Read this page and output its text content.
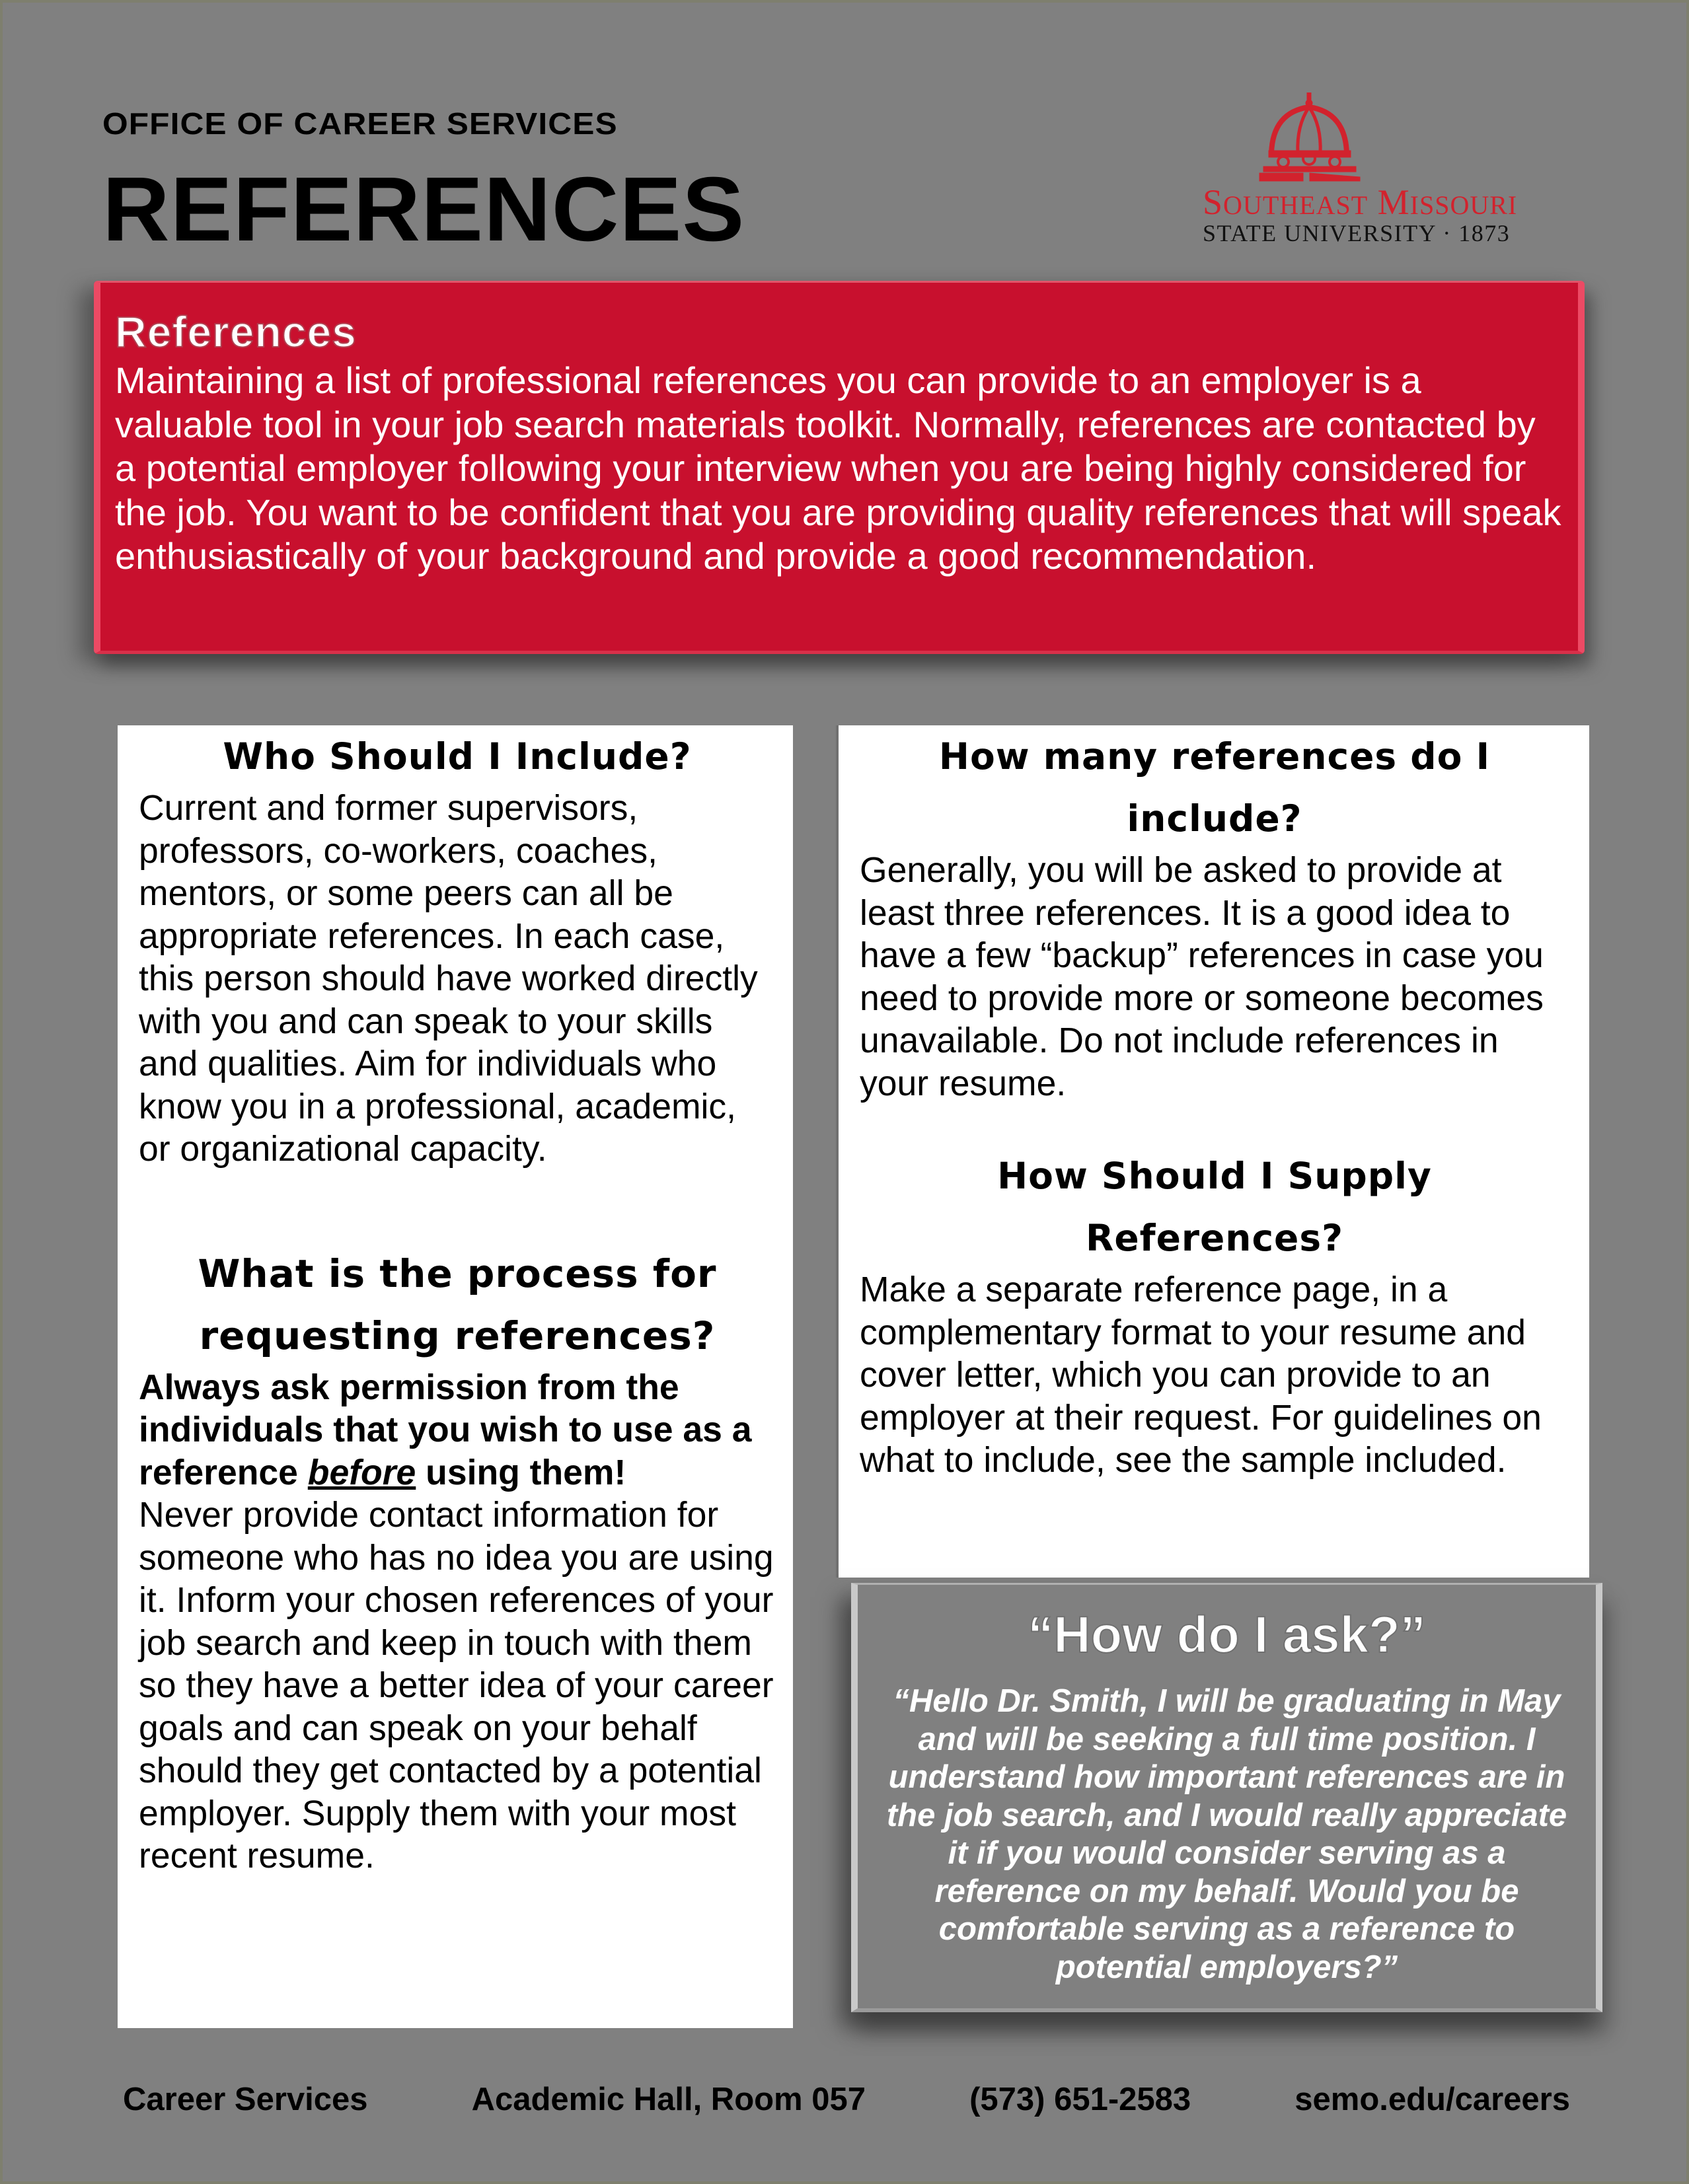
OFFICE OF CAREER SERVICES
REFERENCES	SOUTHEAST MISSOURI
STATE UNIVERSITY · 1873
References

Maintaining a list of professional references you can provide to an employer is a valuable tool in your job search materials toolkit. Normally, references are contacted by a potential employer following your interview when you are being highly considered for the job. You want to be confident that you are providing quality references that will speak enthusiastically of your background and provide a good recommendation.

Who Should I Include?

Current and former supervisors, professors, co-workers, coaches, mentors, or some peers can all be appropriate references. In each case, this person should have worked directly with you and can speak to your skills and qualities. Aim for individuals who know you in a professional, academic, or organizational capacity.

What is the process for requesting references?

Always ask permission from the individuals that you wish to use as a reference before using them!
Never provide contact information for someone who has no idea you are using it. Inform your chosen references of your job search and keep in touch with them so they have a better idea of your career goals and can speak on your behalf should they get contacted by a potential employer. Supply them with your most recent resume.

How many references do I include?

Generally, you will be asked to provide at least three references. It is a good idea to have a few “backup” references in case you need to provide more or someone becomes unavailable. Do not include references in your resume.

How Should I Supply References?

Make a separate reference page, in a complementary format to your resume and cover letter, which you can provide to an employer at their request. For guidelines on what to include, see the sample included.

“How do I ask?”

“Hello Dr. Smith, I will be graduating in May and will be seeking a full time position. I understand how important references are in the job search, and I would really appreciate it if you would consider serving as a reference on my behalf. Would you be comfortable serving as a reference to potential employers?”

Career Services	Academic Hall, Room 057	(573) 651-2583	semo.edu/careers
